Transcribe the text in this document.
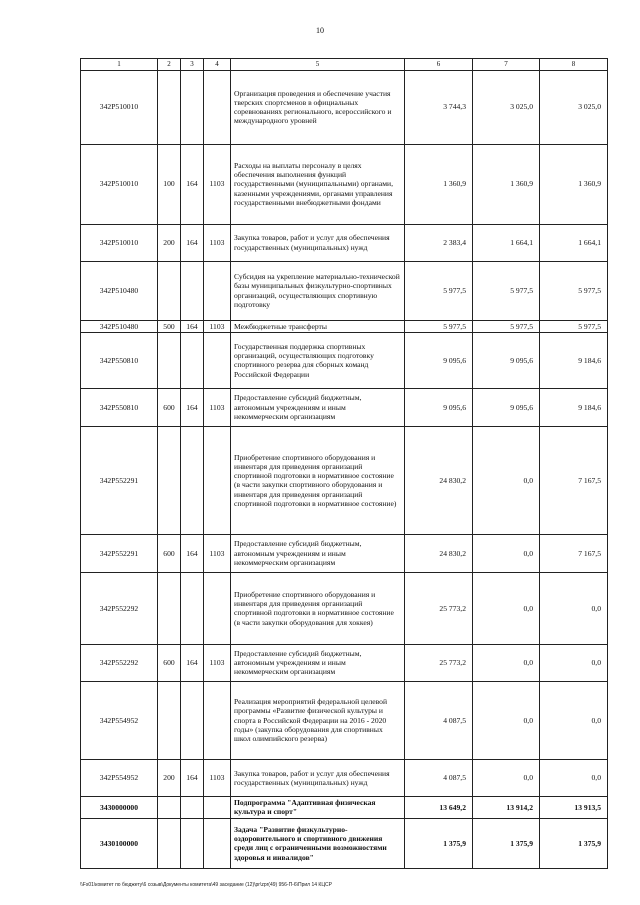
10
1	2	3	4	5	6	7	8
342P510010				Организация проведения и обеспечение участия тверских спортсменов в официальных соревнованиях регионального, всероссийского и международного уровней	3 744,3	3 025,0	3 025,0
342P510010	100	164	1103	Расходы на выплаты персоналу в целях обеспечения выполнения функций государственными (муниципальными) органами, казенными учреждениями, органами управления государственными внебюджетными фондами	1 360,9	1 360,9	1 360,9
342P510010	200	164	1103	Закупка товаров, работ и услуг для обеспечения государственных (муниципальных) нужд	2 383,4	1 664,1	1 664,1
342P510480				Субсидия на укрепление материально-технической базы муниципальных физкультурно-спортивных организаций, осуществляющих спортивную подготовку	5 977,5	5 977,5	5 977,5
342P510480	500	164	1103	Межбюджетные трансферты	5 977,5	5 977,5	5 977,5
342P550810				Государственная поддержка спортивных организаций, осуществляющих подготовку спортивного резерва для сборных команд Российской Федерации	9 095,6	9 095,6	9 184,6
342P550810	600	164	1103	Предоставление субсидий бюджетным, автономным учреждениям и иным некоммерческим организациям	9 095,6	9 095,6	9 184,6
342P552291				Приобретение спортивного оборудования и инвентаря для приведения организаций спортивной подготовки в нормативное состояние (в части закупки спортивного оборудования и инвентаря для приведения организаций спортивной подготовки в нормативное состояние)	24 830,2	0,0	7 167,5
342P552291	600	164	1103	Предоставление субсидий бюджетным, автономным учреждениям и иным некоммерческим организациям	24 830,2	0,0	7 167,5
342P552292				Приобретение спортивного оборудования и инвентаря для приведения организаций спортивной подготовки в нормативное состояние (в части закупки оборудования для хоккея)	25 773,2	0,0	0,0
342P552292	600	164	1103	Предоставление субсидий бюджетным, автономным учреждениям и иным некоммерческим организациям	25 773,2	0,0	0,0
342P554952				Реализация мероприятий федеральной целевой программы «Развитие физической культуры и спорта в Российской Федерации на 2016 - 2020 годы» (закупка оборудования для спортивных школ олимпийского резерва)	4 087,5	0,0	0,0
342P554952	200	164	1103	Закупка товаров, работ и услуг для обеспечения государственных (муниципальных) нужд	4 087,5	0,0	0,0
3430000000				Подпрограмма "Адаптивная физическая культура и спорт"	13 649,2	13 914,2	13 913,5
3430100000				Задача "Развитие физкультурно-оздоровительного и спортивного движения среди лиц с ограниченными возможностями здоровья и инвалидов"	1 375,9	1 375,9	1 375,9
\\Fs01\комитет по бюджету\6 созыв\Документы комитета\49 заседание (12)\pr\zpr(49) 956-П-6\Прил 14 КЦСР
